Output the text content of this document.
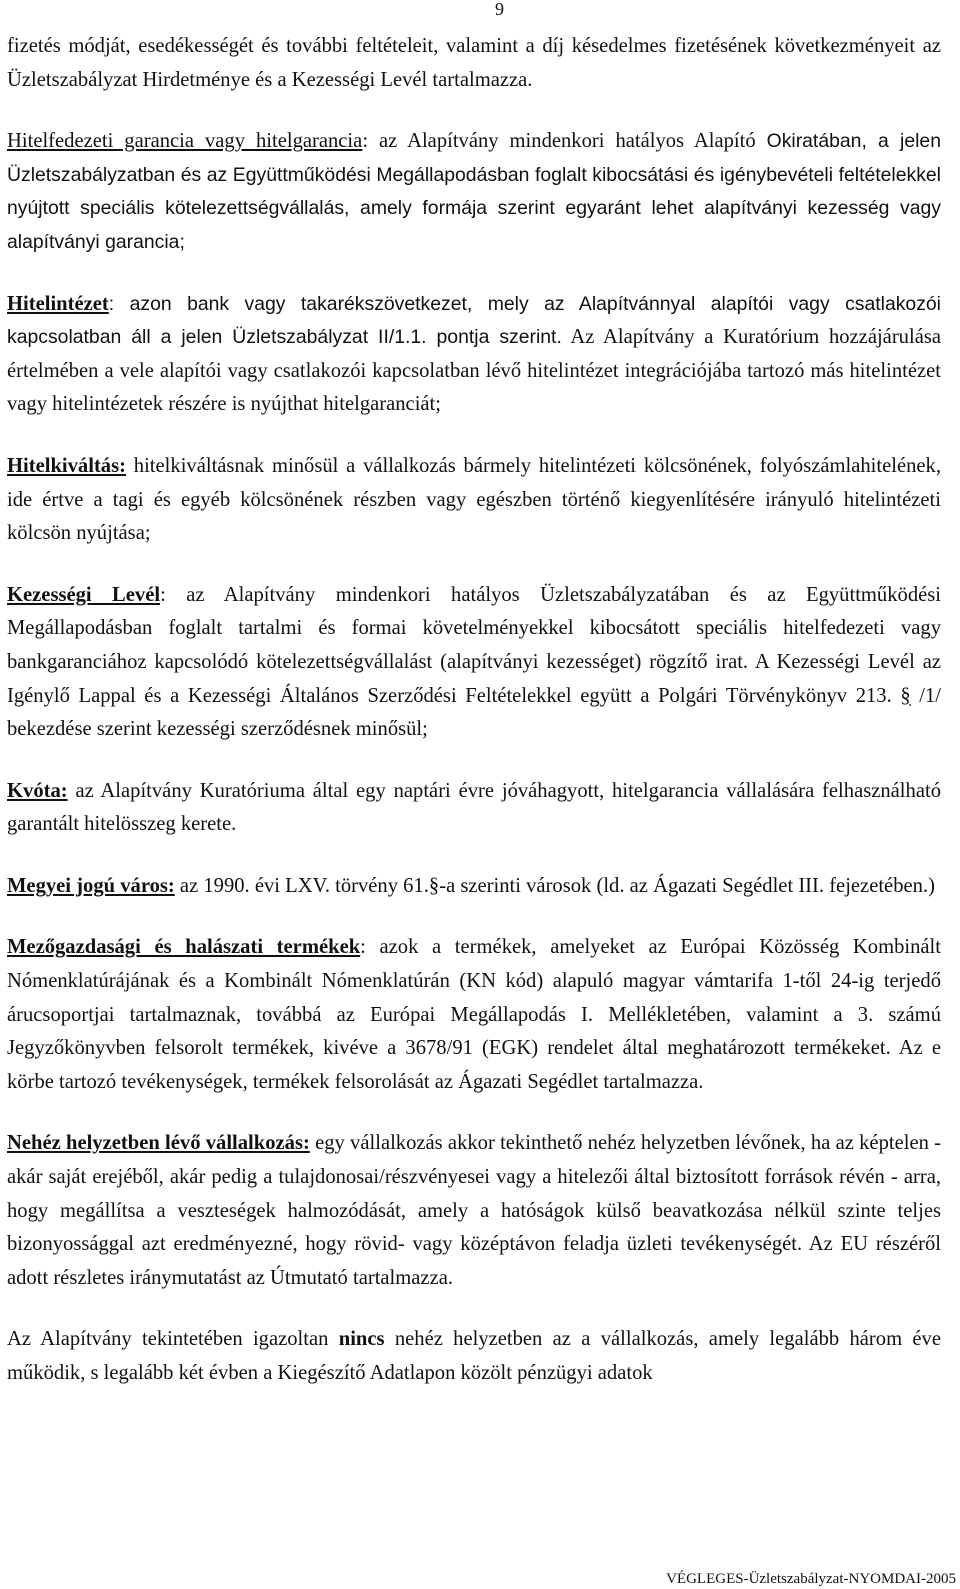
9

fizetés módját, esedékességét és további feltételeit, valamint a díj késedelmes fizetésének következményeit az Üzletszabályzat Hirdetménye és a Kezességi Levél tartalmazza.

Hitelfedezeti garancia vagy hitelgarancia: az Alapítvány mindenkori hatályos Alapító Okiratában, a jelen Üzletszabályzatban és az Együttműködési Megállapodásban foglalt kibocsátási és igénybevételi feltételekkel nyújtott speciális kötelezettségvállalás, amely formája szerint egyaránt lehet alapítványi kezesség vagy alapítványi garancia;

Hitelintézet: azon bank vagy takarékszövetkezet, mely az Alapítvánnyal alapítói vagy csatlakozói kapcsolatban áll a jelen Üzletszabályzat II/1.1. pontja szerint. Az Alapítvány a Kuratórium hozzájárulása értelmében a vele alapítói vagy csatlakozói kapcsolatban lévő hitelintézet integrációjába tartozó más hitelintézet vagy hitelintézetek részére is nyújthat hitelgaranciát;

Hitelkiváltás: hitelkiváltásnak minősül a vállalkozás bármely hitelintézeti kölcsönének, folyószámlahitelének, ide értve a tagi és egyéb kölcsönének részben vagy egészben történő kiegyenlítésére irányuló hitelintézeti kölcsön nyújtása;

Kezességi Levél: az Alapítvány mindenkori hatályos Üzletszabályzatában és az Együttműködési Megállapodásban foglalt tartalmi és formai követelményekkel kibocsátott speciális hitelfedezeti vagy bankgaranciához kapcsolódó kötelezettségvállalást (alapítványi kezességet) rögzítő irat. A Kezességi Levél az Igénylő Lappal és a Kezességi Általános Szerződési Feltételekkel együtt a Polgári Törvénykönyv 213. § /1/ bekezdése szerint kezességi szerződésnek minősül;

Kvóta: az Alapítvány Kuratóriuma által egy naptári évre jóváhagyott, hitelgarancia vállalására felhasználható garantált hitelösszeg kerete.

Megyei jogú város: az 1990. évi LXV. törvény 61.§-a szerinti városok (ld. az Ágazati Segédlet III. fejezetében.)

Mezőgazdasági és halászati termékek: azok a termékek, amelyeket az Európai Közösség Kombinált Nómenklatúrájának és a Kombinált Nómenklatúrán (KN kód) alapuló magyar vámtarifa 1-től 24-ig terjedő árucsoportjai tartalmaznak, továbbá az Európai Megállapodás I. Mellékletében, valamint a 3. számú Jegyzőkönyvben felsorolt termékek, kivéve a 3678/91 (EGK) rendelet által meghatározott termékeket. Az e körbe tartozó tevékenységek, termékek felsorolását az Ágazati Segédlet tartalmazza.

Nehéz helyzetben lévő vállalkozás: egy vállalkozás akkor tekinthető nehéz helyzetben lévőnek, ha az képtelen - akár saját erejéből, akár pedig a tulajdonosai/részvényesei vagy a hitelezői által biztosított források révén - arra, hogy megállítsa a veszteségek halmozódását, amely a hatóságok külső beavatkozása nélkül szinte teljes bizonyossággal azt eredményezné, hogy rövid- vagy középtávon feladja üzleti tevékenységét. Az EU részéről adott részletes iránymutatást az Útmutató tartalmazza.

Az Alapítvány tekintetében igazoltan nincs nehéz helyzetben az a vállalkozás, amely legalább három éve működik, s legalább két évben a Kiegészítő Adatlapon közölt pénzügyi adatok

VÉGLEGES-Üzletszabályzat-NYOMDAI-2005
